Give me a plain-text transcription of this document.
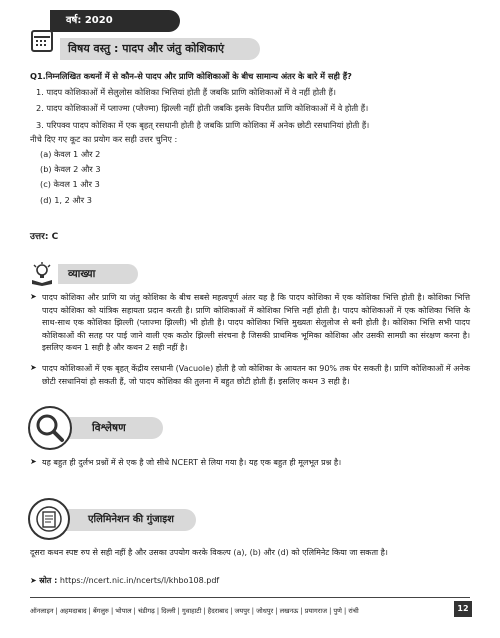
वर्ष: 2020
विषय वस्तु : पादप और जंतु कोशिकाएं

Q1.निम्नलिखित कथनों में से कौन-से पादप और प्राणि कोशिकाओं के बीच सामान्य अंतर के बारे में सही हैं?

1. पादप कोशिकाओं में सेलुलोस कोशिका भित्तियां होती हैं जबकि प्राणि कोशिकाओं में वे नहीं होती हैं।

2. पादप कोशिकाओं में प्लाज्मा (प्लैज्मा) झिल्ली नहीं होती जबकि इसके विपरीत प्राणि कोशिकाओं में वे होती हैं।

3. परिपक्व पादप कोशिका में एक बृहत् रसधानी होती है जबकि प्राणि कोशिका में अनेक छोटी रसधानियां होती हैं।

नीचे दिए गए कूट का प्रयोग कर सही उत्तर चुनिए :

(a) केवल 1 और 2

(b) केवल 2 और 3

(c) केवल 1 और 3

(d) 1, 2 और 3

उत्तर: C
व्याख्या
➤ पादप कोशिका और प्राणि या जंतु कोशिका के बीच सबसे महत्वपूर्ण अंतर यह है कि पादप कोशिका में एक कोशिका भित्ति होती है। कोशिका भित्ति पादप कोशिका को यांत्रिक सहायता प्रदान करती है। प्राणि कोशिकाओं में कोशिका भित्ति नहीं होती है। पादप कोशिकाओं में एक कोशिका भित्ति के साथ-साथ एक कोशिका झिल्ली (प्लाज्मा झिल्ली) भी होती है। पादप कोशिका भित्ति मुख्यतः सेलुलोज से बनी होती है। कोशिका भित्ति सभी पादप कोशिकाओं की सतह पर पाई जाने वाली एक कठोर झिल्ली संरचना है जिसकी प्राथमिक भूमिका कोशिका और उसकी सामग्री का संरक्षण करना है। इसलिए कथन 1 सही है और कथन 2 सही नहीं है।
➤ पादप कोशिकाओं में एक बृहत् केंद्रीय रसधानी (Vacuole) होती है जो कोशिका के आयतन का 90% तक घेर सकती है। प्राणि कोशिकाओं में अनेक छोटी रसधानियां हो सकती हैं, जो पादप कोशिका की तुलना में बहुत छोटी होती हैं। इसलिए कथन 3 सही है।
विश्लेषण
➤ यह बहुत ही दुर्लभ प्रश्नों में से एक है जो सीधे NCERT से लिया गया है। यह एक बहुत ही मूलभूत प्रश्न है।
एलिमिनेशन की गुंजाइश
दूसरा कथन स्पष्ट रुप से सही नहीं है और उसका उपयोग करके विकल्प (a), (b) और (d) को एलिमिनेट किया जा सकता है।
➤ स्रोत : https://ncert.nic.in/ncerts/l/khbo108.pdf
ऑनलाइन | अहमदाबाद | बेंगलुरु | भोपाल | चंडीगढ़ | दिल्ली | गुवाहाटी | हैदराबाद | जयपुर | जोधपुर | लखनऊ | प्रयागराज | पुणे | रांची	12
